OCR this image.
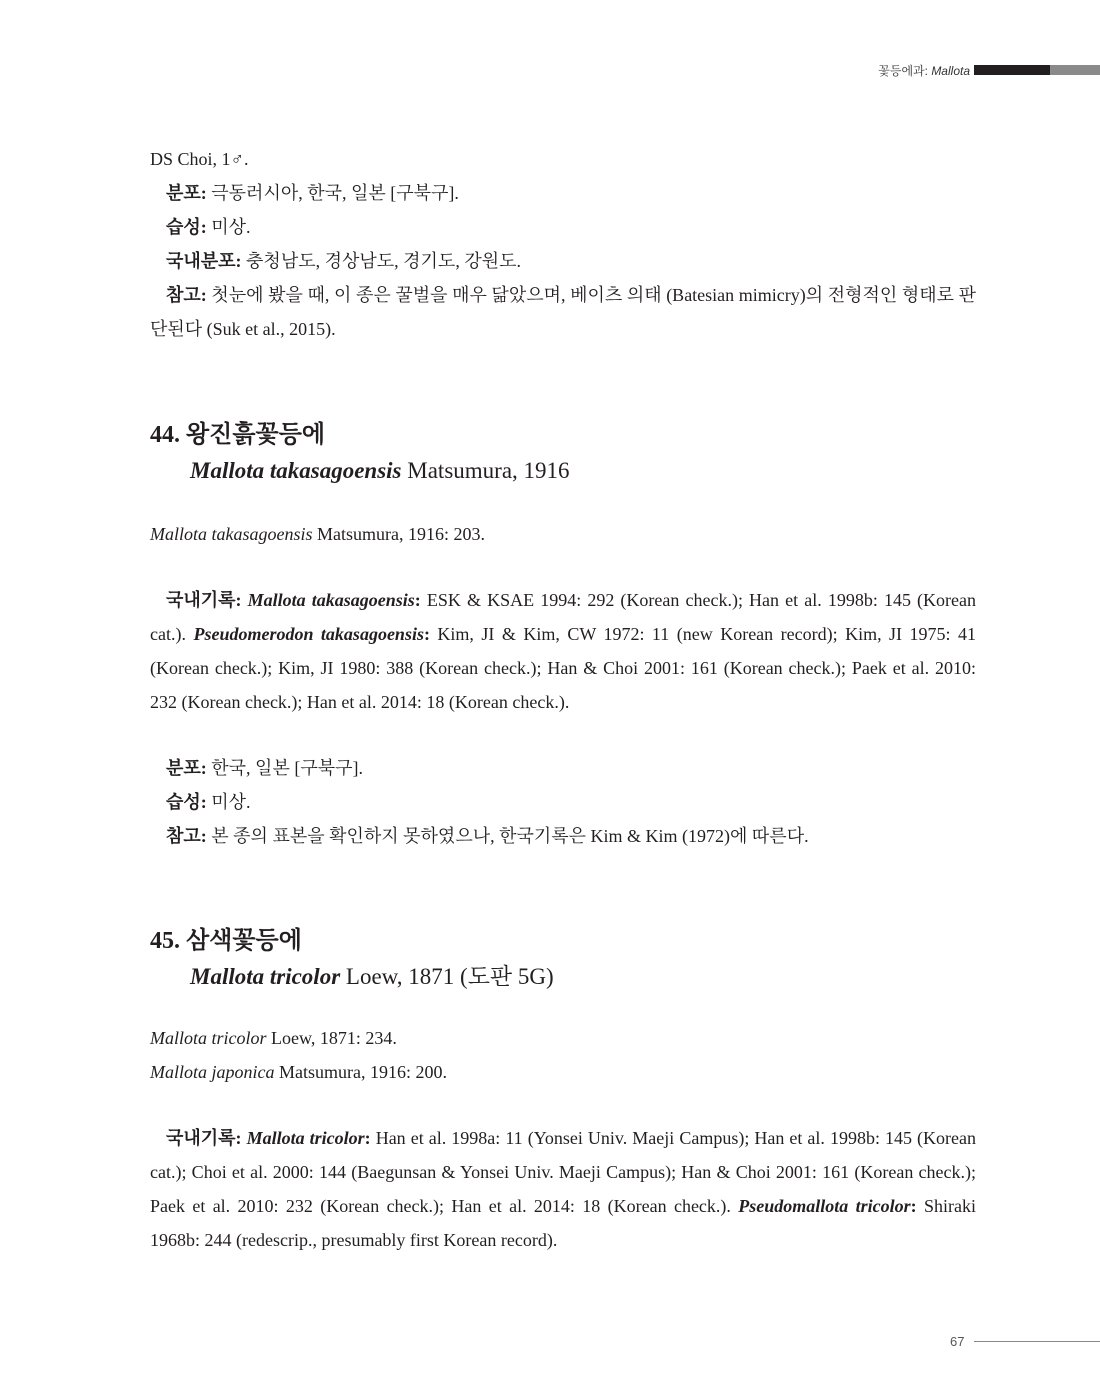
꽃등에과: Mallota
DS Choi, 1♂.
분포: 극동러시아, 한국, 일본 [구북구].
습성: 미상.
국내분포: 충청남도, 경상남도, 경기도, 강원도.
참고: 첫눈에 봤을 때, 이 종은 꿀벌을 매우 닮았으며, 베이츠 의태 (Batesian mimicry)의 전형적인 형태로 판단된다 (Suk et al., 2015).
44. 왕진흙꽃등에
Mallota takasagoensis Matsumura, 1916
Mallota takasagoensis Matsumura, 1916: 203.
국내기록: Mallota takasagoensis: ESK & KSAE 1994: 292 (Korean check.); Han et al. 1998b: 145 (Korean cat.). Pseudomerodon takasagoensis: Kim, JI & Kim, CW 1972: 11 (new Korean record); Kim, JI 1975: 41 (Korean check.); Kim, JI 1980: 388 (Korean check.); Han & Choi 2001: 161 (Korean check.); Paek et al. 2010: 232 (Korean check.); Han et al. 2014: 18 (Korean check.).
분포: 한국, 일본 [구북구].
습성: 미상.
참고: 본 종의 표본을 확인하지 못하였으나, 한국기록은 Kim & Kim (1972)에 따른다.
45. 삼색꽃등에
Mallota tricolor Loew, 1871 (도판 5G)
Mallota tricolor Loew, 1871: 234.
Mallota japonica Matsumura, 1916: 200.
국내기록: Mallota tricolor: Han et al. 1998a: 11 (Yonsei Univ. Maeji Campus); Han et al. 1998b: 145 (Korean cat.); Choi et al. 2000: 144 (Baegunsan & Yonsei Univ. Maeji Campus); Han & Choi 2001: 161 (Korean check.); Paek et al. 2010: 232 (Korean check.); Han et al. 2014: 18 (Korean check.). Pseudomallota tricolor: Shiraki 1968b: 244 (redescrip., presumably first Korean record).
67
